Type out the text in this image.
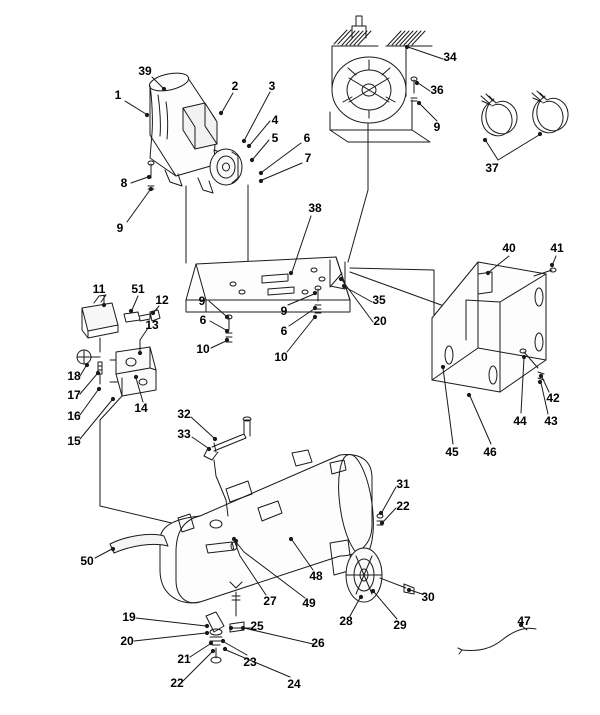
39
1
2	3
4
5 6
7
8
9
34
36
9
37
38
40	41
11 51
12
13
9
6
10
9
6
10
35
20
18
17
16
15
14
42
43
44
45 46
32
33
31
22
50
48
30
28	29
27 49
19
20
25
26
21
22
23
24
47
